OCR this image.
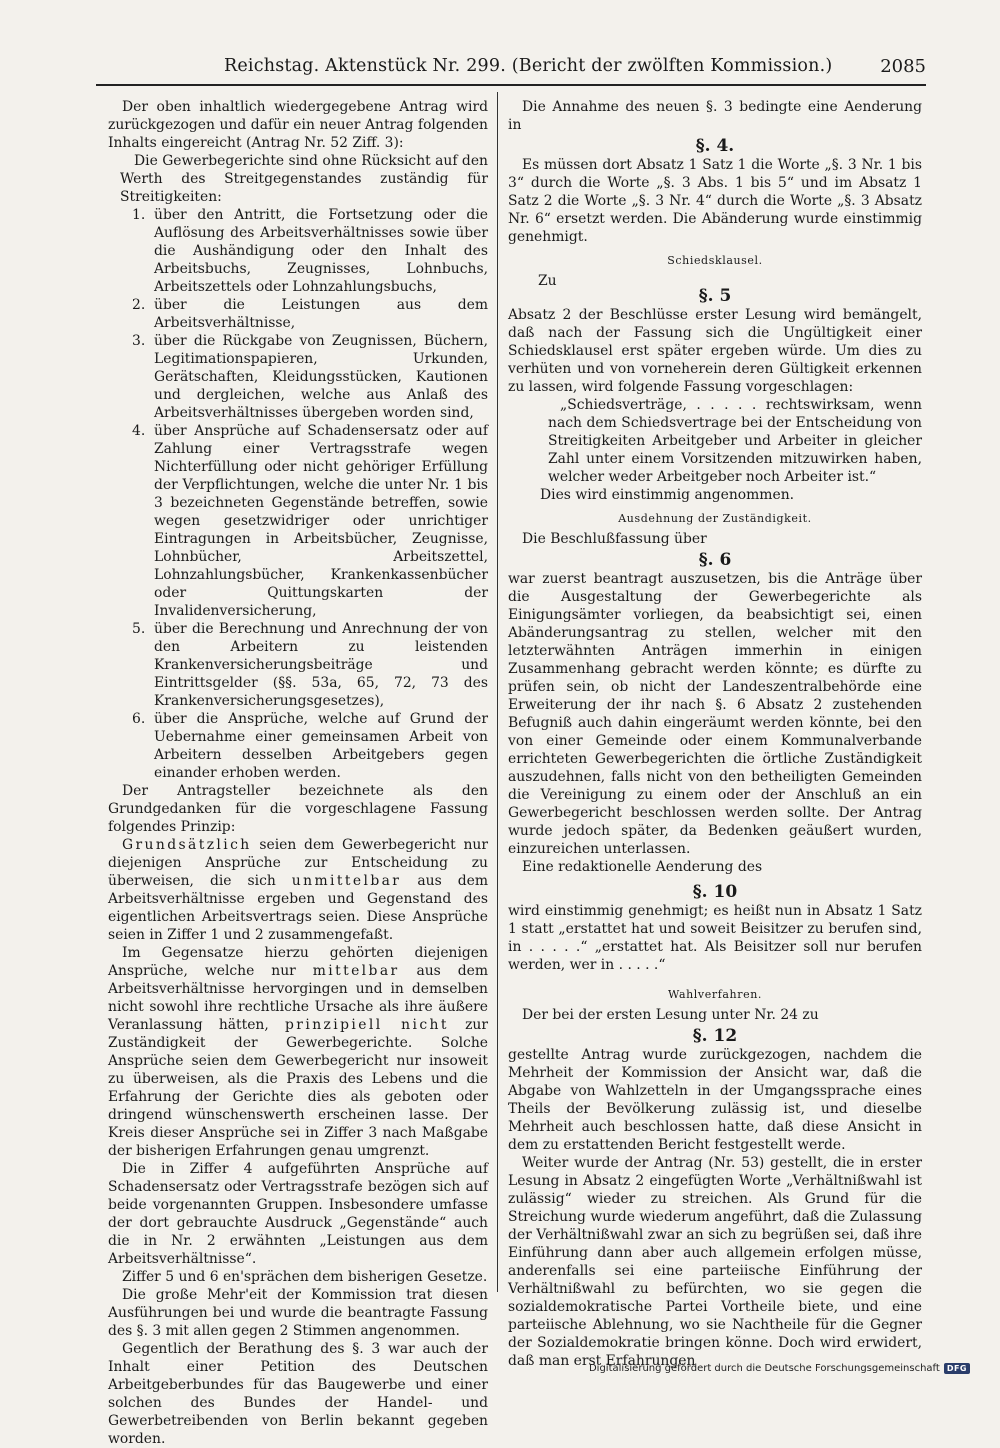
Reichstag. Aktenstück Nr. 299. (Bericht der zwölften Kommission.)	2085

Der oben inhaltlich wiedergegebene Antrag wird zurückgezogen und dafür ein neuer Antrag folgenden Inhalts eingereicht (Antrag Nr. 52 Ziff. 3):

Die Gewerbegerichte sind ohne Rücksicht auf den Werth des Streitgegenstandes zuständig für Streitigkeiten:

1. über den Antritt, die Fortsetzung oder die Auflösung des Arbeitsverhältnisses sowie über die Aushändigung oder den Inhalt des Arbeitsbuchs, Zeugnisses, Lohnbuchs, Arbeitszettels oder Lohnzahlungsbuchs,
2. über die Leistungen aus dem Arbeitsverhältnisse,
3. über die Rückgabe von Zeugnissen, Büchern, Legitimationspapieren, Urkunden, Gerätschaften, Kleidungsstücken, Kautionen und dergleichen, welche aus Anlaß des Arbeitsverhältnisses übergeben worden sind,
4. über Ansprüche auf Schadensersatz oder auf Zahlung einer Vertragsstrafe wegen Nichterfüllung oder nicht gehöriger Erfüllung der Verpflichtungen, welche die unter Nr. 1 bis 3 bezeichneten Gegenstände betreffen, sowie wegen gesetzwidriger oder unrichtiger Eintragungen in Arbeitsbücher, Zeugnisse, Lohnbücher, Arbeitszettel, Lohnzahlungsbücher, Krankenkassenbücher oder Quittungskarten der Invalidenversicherung,
5. über die Berechnung und Anrechnung der von den Arbeitern zu leistenden Krankenversicherungsbeiträge und Eintrittsgelder (§§. 53a, 65, 72, 73 des Krankenversicherungsgesetzes),
6. über die Ansprüche, welche auf Grund der Uebernahme einer gemeinsamen Arbeit von Arbeitern desselben Arbeitgebers gegen einander erhoben werden.

Der Antragsteller bezeichnete als den Grundgedanken für die vorgeschlagene Fassung folgendes Prinzip:

Grundsätzlich seien dem Gewerbegericht nur diejenigen Ansprüche zur Entscheidung zu überweisen, die sich unmittelbar aus dem Arbeitsverhältnisse ergeben und Gegenstand des eigentlichen Arbeitsvertrags seien. Diese Ansprüche seien in Ziffer 1 und 2 zusammengefaßt.

Im Gegensatze hierzu gehörten diejenigen Ansprüche, welche nur mittelbar aus dem Arbeitsverhältnisse hervorgingen und in demselben nicht sowohl ihre rechtliche Ursache als ihre äußere Veranlassung hätten, prinzipiell nicht zur Zuständigkeit der Gewerbegerichte. Solche Ansprüche seien dem Gewerbegericht nur insoweit zu überweisen, als die Praxis des Lebens und die Erfahrung der Gerichte dies als geboten oder dringend wünschenswerth erscheinen lasse. Der Kreis dieser Ansprüche sei in Ziffer 3 nach Maßgabe der bisherigen Erfahrungen genau umgrenzt.

Die in Ziffer 4 aufgeführten Ansprüche auf Schadensersatz oder Vertragsstrafe bezögen sich auf beide vorgenannten Gruppen. Insbesondere umfasse der dort gebrauchte Ausdruck „Gegenstände“ auch die in Nr. 2 erwähnten „Leistungen aus dem Arbeitsverhältnisse“.

Ziffer 5 und 6 en'sprächen dem bisherigen Gesetze.

Die große Mehr'eit der Kommission trat diesen Ausführungen bei und wurde die beantragte Fassung des §. 3 mit allen gegen 2 Stimmen angenommen.

Gegentlich der Berathung des §. 3 war auch der Inhalt einer Petition des Deutschen Arbeitgeberbundes für das Baugewerbe und einer solchen des Bundes der Handel- und Gewerbetreibenden von Berlin bekannt gegeben worden.

Die Annahme des neuen §. 3 bedingte eine Aenderung in

§. 4.

Es müssen dort Absatz 1 Satz 1 die Worte „§. 3 Nr. 1 bis 3“ durch die Worte „§. 3 Abs. 1 bis 5“ und im Absatz 1 Satz 2 die Worte „§. 3 Nr. 4“ durch die Worte „§. 3 Absatz Nr. 6“ ersetzt werden. Die Abänderung wurde einstimmig genehmigt.

Schiedsklausel.
Zu
§. 5

Absatz 2 der Beschlüsse erster Lesung wird bemängelt, daß nach der Fassung sich die Ungültigkeit einer Schiedsklausel erst später ergeben würde. Um dies zu verhüten und von vorneherein deren Gültigkeit erkennen zu lassen, wird folgende Fassung vorgeschlagen:

„Schiedsverträge, . . . . . rechtswirksam, wenn nach dem Schiedsvertrage bei der Entscheidung von Streitigkeiten Arbeitgeber und Arbeiter in gleicher Zahl unter einem Vorsitzenden mitzuwirken haben, welcher weder Arbeitgeber noch Arbeiter ist.“

Dies wird einstimmig angenommen.

Ausdehnung der Zuständigkeit.

Die Beschlußfassung über

§. 6

war zuerst beantragt auszusetzen, bis die Anträge über die Ausgestaltung der Gewerbegerichte als Einigungsämter vorliegen, da beabsichtigt sei, einen Abänderungsantrag zu stellen, welcher mit den letzterwähnten Anträgen immerhin in einigen Zusammenhang gebracht werden könnte; es dürfte zu prüfen sein, ob nicht der Landeszentralbehörde eine Erweiterung der ihr nach §. 6 Absatz 2 zustehenden Befugniß auch dahin eingeräumt werden könnte, bei den von einer Gemeinde oder einem Kommunalverbande errichteten Gewerbegerichten die örtliche Zuständigkeit auszudehnen, falls nicht von den betheiligten Gemeinden die Vereinigung zu einem oder der Anschluß an ein Gewerbegericht beschlossen werden sollte. Der Antrag wurde jedoch später, da Bedenken geäußert wurden, einzureichen unterlassen.

Eine redaktionelle Aenderung des

§. 10

wird einstimmig genehmigt; es heißt nun in Absatz 1 Satz 1 statt „erstattet hat und soweit Beisitzer zu berufen sind, in . . . . .“ „erstattet hat. Als Beisitzer soll nur berufen werden, wer in . . . . .“

Wahlverfahren.

Der bei der ersten Lesung unter Nr. 24 zu

§. 12

gestellte Antrag wurde zurückgezogen, nachdem die Mehrheit der Kommission der Ansicht war, daß die Abgabe von Wahlzetteln in der Umgangssprache eines Theils der Bevölkerung zulässig ist, und dieselbe Mehrheit auch beschlossen hatte, daß diese Ansicht in dem zu erstattenden Bericht festgestellt werde.

Weiter wurde der Antrag (Nr. 53) gestellt, die in erster Lesung in Absatz 2 eingefügten Worte „Verhältnißwahl ist zulässig“ wieder zu streichen. Als Grund für die Streichung wurde wiederum angeführt, daß die Zulassung der Verhältnißwahl zwar an sich zu begrüßen sei, daß ihre Einführung dann aber auch allgemein erfolgen müsse, anderenfalls sei eine parteiische Einführung der Verhältnißwahl zu befürchten, wo sie gegen die sozialdemokratische Partei Vortheile biete, und eine parteiische Ablehnung, wo sie Nachtheile für die Gegner der Sozialdemokratie bringen könne. Doch wird erwidert, daß man erst Erfahrungen

Digitalisierung gefördert durch die Deutsche Forschungsgemeinschaft DFG
